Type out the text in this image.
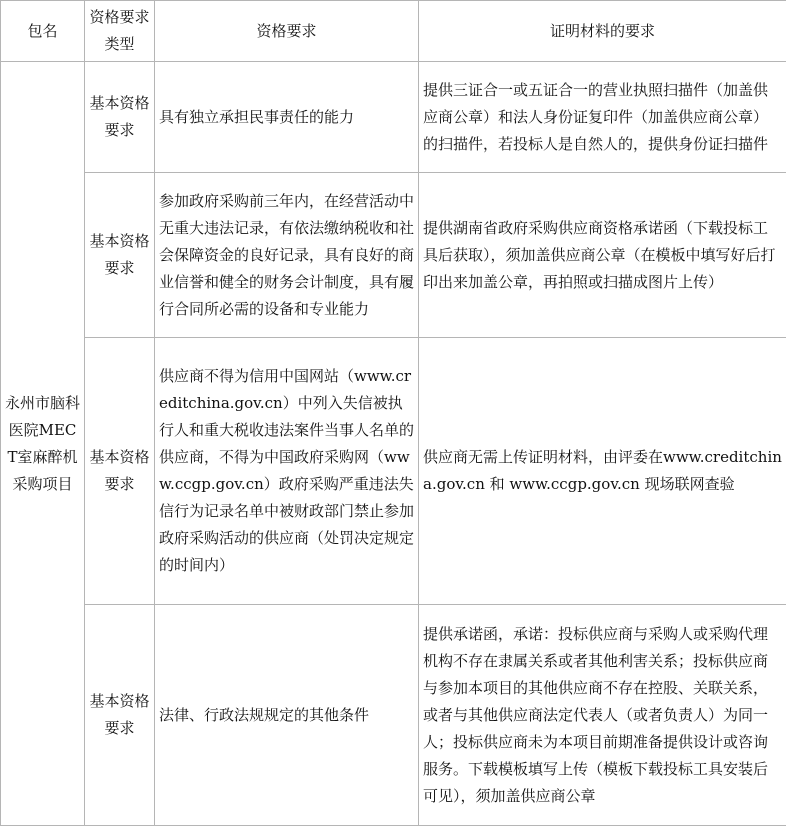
包名	资格要求类型	资格要求	证明材料的要求
永州市脑科医院MECT室麻醉机采购项目	基本资格要求	具有独立承担民事责任的能力	提供三证合一或五证合一的营业执照扫描件（加盖供应商公章）和法人身份证复印件（加盖供应商公章）的扫描件，若投标人是自然人的，提供身份证扫描件
	基本资格要求	参加政府采购前三年内，在经营活动中无重大违法记录，有依法缴纳税收和社会保障资金的良好记录，具有良好的商业信誉和健全的财务会计制度，具有履行合同所必需的设备和专业能力	提供湖南省政府采购供应商资格承诺函（下载投标工具后获取），须加盖供应商公章（在模板中填写好后打印出来加盖公章，再拍照或扫描成图片上传）
	基本资格要求	供应商不得为信用中国网站（www.creditchina.gov.cn）中列入失信被执行人和重大税收违法案件当事人名单的供应商，不得为中国政府采购网（www.ccgp.gov.cn）政府采购严重违法失信行为记录名单中被财政部门禁止参加政府采购活动的供应商（处罚决定规定的时间内）	供应商无需上传证明材料，由评委在www.creditchina.gov.cn 和 www.ccgp.gov.cn 现场联网查验
	基本资格要求	法律、行政法规规定的其他条件	提供承诺函，承诺：投标供应商与采购人或采购代理机构不存在隶属关系或者其他利害关系；投标供应商与参加本项目的其他供应商不存在控股、关联关系，或者与其他供应商法定代表人（或者负责人）为同一人；投标供应商未为本项目前期准备提供设计或咨询服务。下载模板填写上传（模板下载投标工具安装后可见），须加盖供应商公章
